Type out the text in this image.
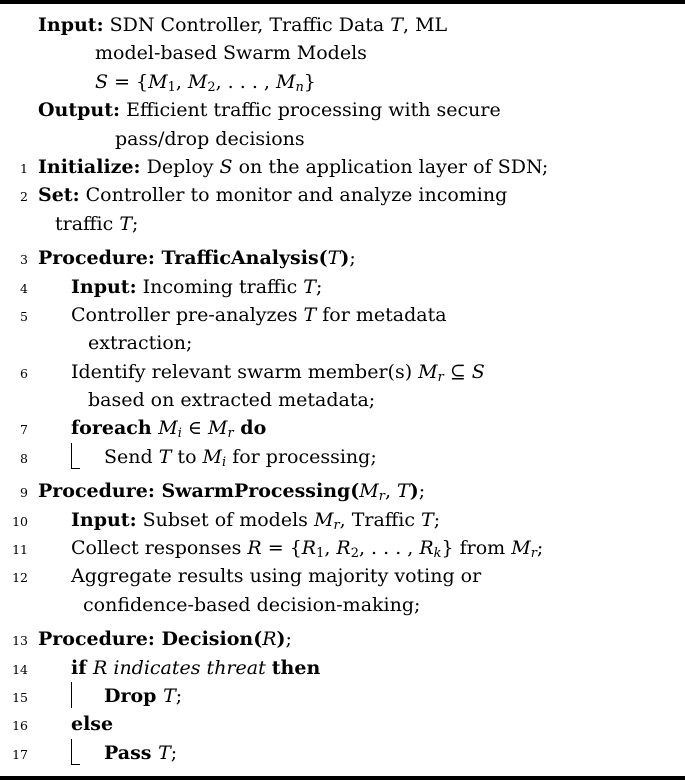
Input: SDN Controller, Traffic Data T, ML
model-based Swarm Models
S = {M1, M2, . . . , Mn}
Output: Efficient traffic processing with secure
pass/drop decisions
1 Initialize: Deploy S on the application layer of SDN;
2 Set: Controller to monitor and analyze incoming
traffic T;
3 Procedure: TrafficAnalysis(T);
4	Input: Incoming traffic T;
5	Controller pre-analyzes T for metadata
extraction;
6	Identify relevant swarm member(s) Mr ⊆ S
based on extracted metadata;
7	foreach Mi ∈ Mr do
8	Send T to Mi for processing;
9 Procedure: SwarmProcessing(Mr, T);
10	Input: Subset of models Mr, Traffic T;
11	Collect responses R = {R1, R2, . . . , Rk} from Mr;
12	Aggregate results using majority voting or
confidence-based decision-making;
13 Procedure: Decision(R);
14	if R indicates threat then
15	Drop T;
16	else
17	Pass T;
